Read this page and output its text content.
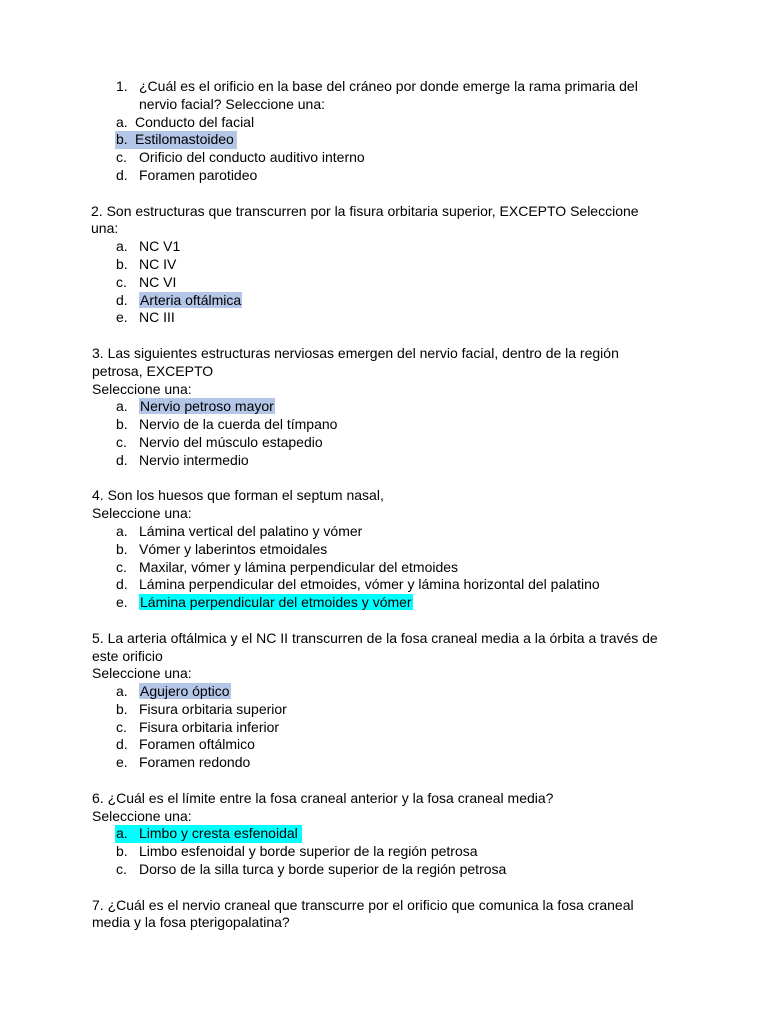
1. ¿Cuál es el orificio en la base del cráneo por donde emerge la rama primaria del nervio facial? Seleccione una:
a. Conducto del facial
b. Estilomastoideo
c. Orificio del conducto auditivo interno
d. Foramen parotideo
2. Son estructuras que transcurren por la fisura orbitaria superior, EXCEPTO Seleccione
una:
a. NC V1
b. NC IV
c. NC VI
d. Arteria oftálmica
e. NC III
3. Las siguientes estructuras nerviosas emergen del nervio facial, dentro de la región
petrosa, EXCEPTO
Seleccione una:
a. Nervio petroso mayor
b. Nervio de la cuerda del tímpano
c. Nervio del músculo estapedio
d. Nervio intermedio
4. Son los huesos que forman el septum nasal,
Seleccione una:
a. Lámina vertical del palatino y vómer
b. Vómer y laberintos etmoidales
c. Maxilar, vómer y lámina perpendicular del etmoides
d. Lámina perpendicular del etmoides, vómer y lámina horizontal del palatino
e. Lámina perpendicular del etmoides y vómer
5. La arteria oftálmica y el NC II transcurren de la fosa craneal media a la órbita a través de
este orificio
Seleccione una:
a. Agujero óptico
b. Fisura orbitaria superior
c. Fisura orbitaria inferior
d. Foramen oftálmico
e. Foramen redondo
6. ¿Cuál es el límite entre la fosa craneal anterior y la fosa craneal media?
Seleccione una:
a. Limbo y cresta esfenoidal
b. Limbo esfenoidal y borde superior de la región petrosa
c. Dorso de la silla turca y borde superior de la región petrosa
7. ¿Cuál es el nervio craneal que transcurre por el orificio que comunica la fosa craneal
media y la fosa pterigopalatina?
